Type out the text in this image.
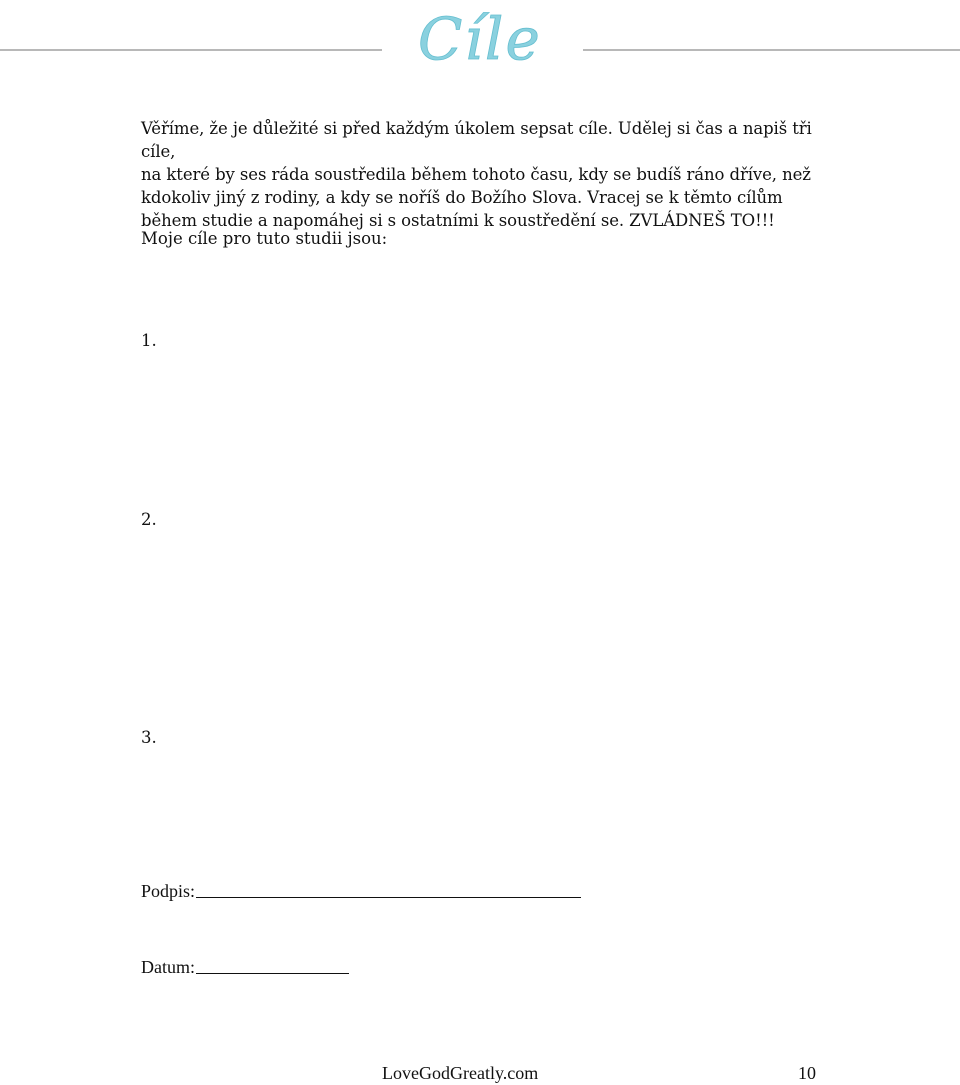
Cíle

Věříme, že je důležité si před každým úkolem sepsat cíle. Udělej si čas a napiš tři cíle,

na které by ses ráda soustředila během tohoto času, kdy se budíš ráno dříve, než

kdokoliv jiný z rodiny, a kdy se noříš do Božího Slova. Vracej se k těmto cílům

během studie a napomáhej si s ostatními k soustředění se. ZVLÁDNEŠ TO!!!

Moje cíle pro tuto studii jsou:
1.
2.
3.
Podpis:
Datum:
LoveGodGreatly.com	10
